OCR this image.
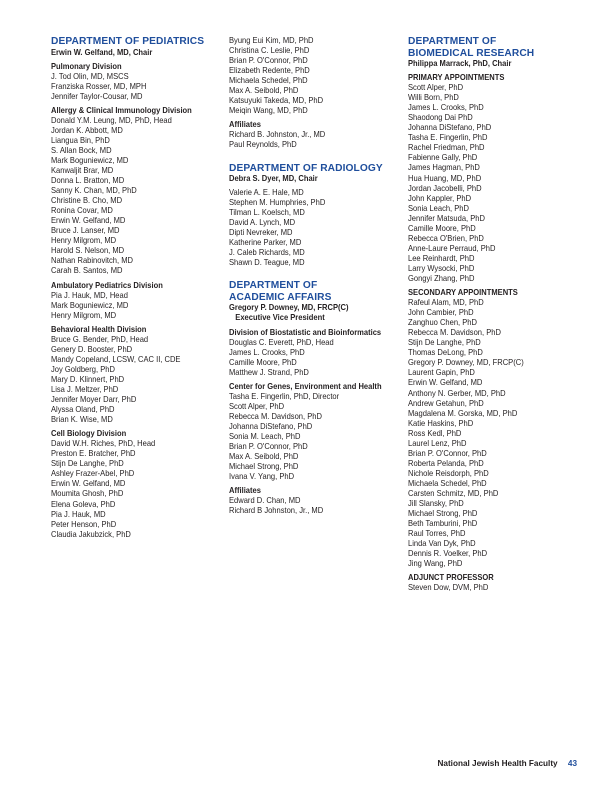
DEPARTMENT OF PEDIATRICS
Erwin W. Gelfand, MD, Chair
Pulmonary Division
J. Tod Olin, MD, MSCS
Franziska Rosser, MD, MPH
Jennifer Taylor-Cousar, MD
Allergy & Clinical Immunology Division
Donald Y.M. Leung, MD, PhD, Head
Jordan K. Abbott, MD
Liangua Bin, PhD
S. Allan Bock, MD
Mark Boguniewicz, MD
Kanwaljit Brar, MD
Donna L. Bratton, MD
Sanny K. Chan, MD, PhD
Christine B. Cho, MD
Ronina Covar, MD
Erwin W. Gelfand, MD
Bruce J. Lanser, MD
Henry Milgrom, MD
Harold S. Nelson, MD
Nathan Rabinovitch, MD
Carah B. Santos, MD
Ambulatory Pediatrics Division
Pia J. Hauk, MD, Head
Mark Boguniewicz, MD
Henry Milgrom, MD
Behavioral Health Division
Bruce G. Bender, PhD, Head
Genery D. Booster, PhD
Mandy Copeland, LCSW, CAC II, CDE
Joy Goldberg, PhD
Mary D. Klinnert, PhD
Lisa J. Meltzer, PhD
Jennifer Moyer Darr, PhD
Alyssa Oland, PhD
Brian K. Wise, MD
Cell Biology Division
David W.H. Riches, PhD, Head
Preston E. Bratcher, PhD
Stijn De Langhe, PhD
Ashley Frazer-Abel, PhD
Erwin W. Gelfand, MD
Moumita Ghosh, PhD
Elena Goleva, PhD
Pia J. Hauk, MD
Peter Henson, PhD
Claudia Jakubzick, PhD
Byung Eui Kim, MD, PhD
Christina C. Leslie, PhD
Brian P. O'Connor, PhD
Elizabeth Redente, PhD
Michaela Schedel, PhD
Max A. Seibold, PhD
Katsuyuki Takeda, MD, PhD
Meiqin Wang, MD, PhD
Affiliates
Richard B. Johnston, Jr., MD
Paul Reynolds, PhD
DEPARTMENT OF RADIOLOGY
Debra S. Dyer, MD, Chair
Valerie A. E. Hale, MD
Stephen M. Humphries, PhD
Tilman L. Koelsch, MD
David A. Lynch, MD
Dipti Nevreker, MD
Katherine Parker, MD
J. Caleb Richards, MD
Shawn D. Teague, MD
DEPARTMENT OF
ACADEMIC AFFAIRS
Gregory P. Downey, MD, FRCP(C)
Executive Vice President
Division of Biostatistic and Bioinformatics
Douglas C. Everett, PhD, Head
James L. Crooks, PhD
Camille Moore, PhD
Matthew J. Strand, PhD
Center for Genes, Environment and Health
Tasha E. Fingerlin, PhD, Director
Scott Alper, PhD
Rebecca M. Davidson, PhD
Johanna DiStefano, PhD
Sonia M. Leach, PhD
Brian P. O'Connor, PhD
Max A. Seibold, PhD
Michael Strong, PhD
Ivana V. Yang, PhD
Affiliates
Edward D. Chan, MD
Richard B Johnston, Jr., MD
DEPARTMENT OF
BIOMEDICAL RESEARCH
Philippa Marrack, PhD, Chair
PRIMARY APPOINTMENTS
Scott Alper, PhD
Willi Born, PhD
James L. Crooks, PhD
Shaodong Dai PhD
Johanna DiStefano, PhD
Tasha E. Fingerlin, PhD
Rachel Friedman, PhD
Fabienne Gally, PhD
James Hagman, PhD
Hua Huang, MD, PhD
Jordan Jacobelli, PhD
John Kappler, PhD
Sonia Leach, PhD
Jennifer Matsuda, PhD
Camille Moore, PhD
Rebecca O'Brien, PhD
Anne-Laure Perraud, PhD
Lee Reinhardt, PhD
Larry Wysocki, PhD
Gongyi Zhang, PhD
SECONDARY APPOINTMENTS
Rafeul Alam, MD, PhD
John Cambier, PhD
Zanghuo Chen, PhD
Rebecca M. Davidson, PhD
Stijn De Langhe, PhD
Thomas DeLong, PhD
Gregory P. Downey, MD, FRCP(C)
Laurent Gapin, PhD
Erwin W. Gelfand, MD
Anthony N. Gerber, MD, PhD
Andrew Getahun, PhD
Magdalena M. Gorska, MD, PhD
Katie Haskins, PhD
Ross Kedl, PhD
Laurel Lenz, PhD
Brian P. O'Connor, PhD
Roberta Pelanda, PhD
Nichole Reisdorph, PhD
Michaela Schedel, PhD
Carsten Schmitz, MD, PhD
Jill Slansky, PhD
Michael Strong, PhD
Beth Tamburini, PhD
Raul Torres, PhD
Linda Van Dyk, PhD
Dennis R. Voelker, PhD
Jing Wang, PhD
ADJUNCT PROFESSOR
Steven Dow, DVM, PhD
National Jewish Health Faculty 43
